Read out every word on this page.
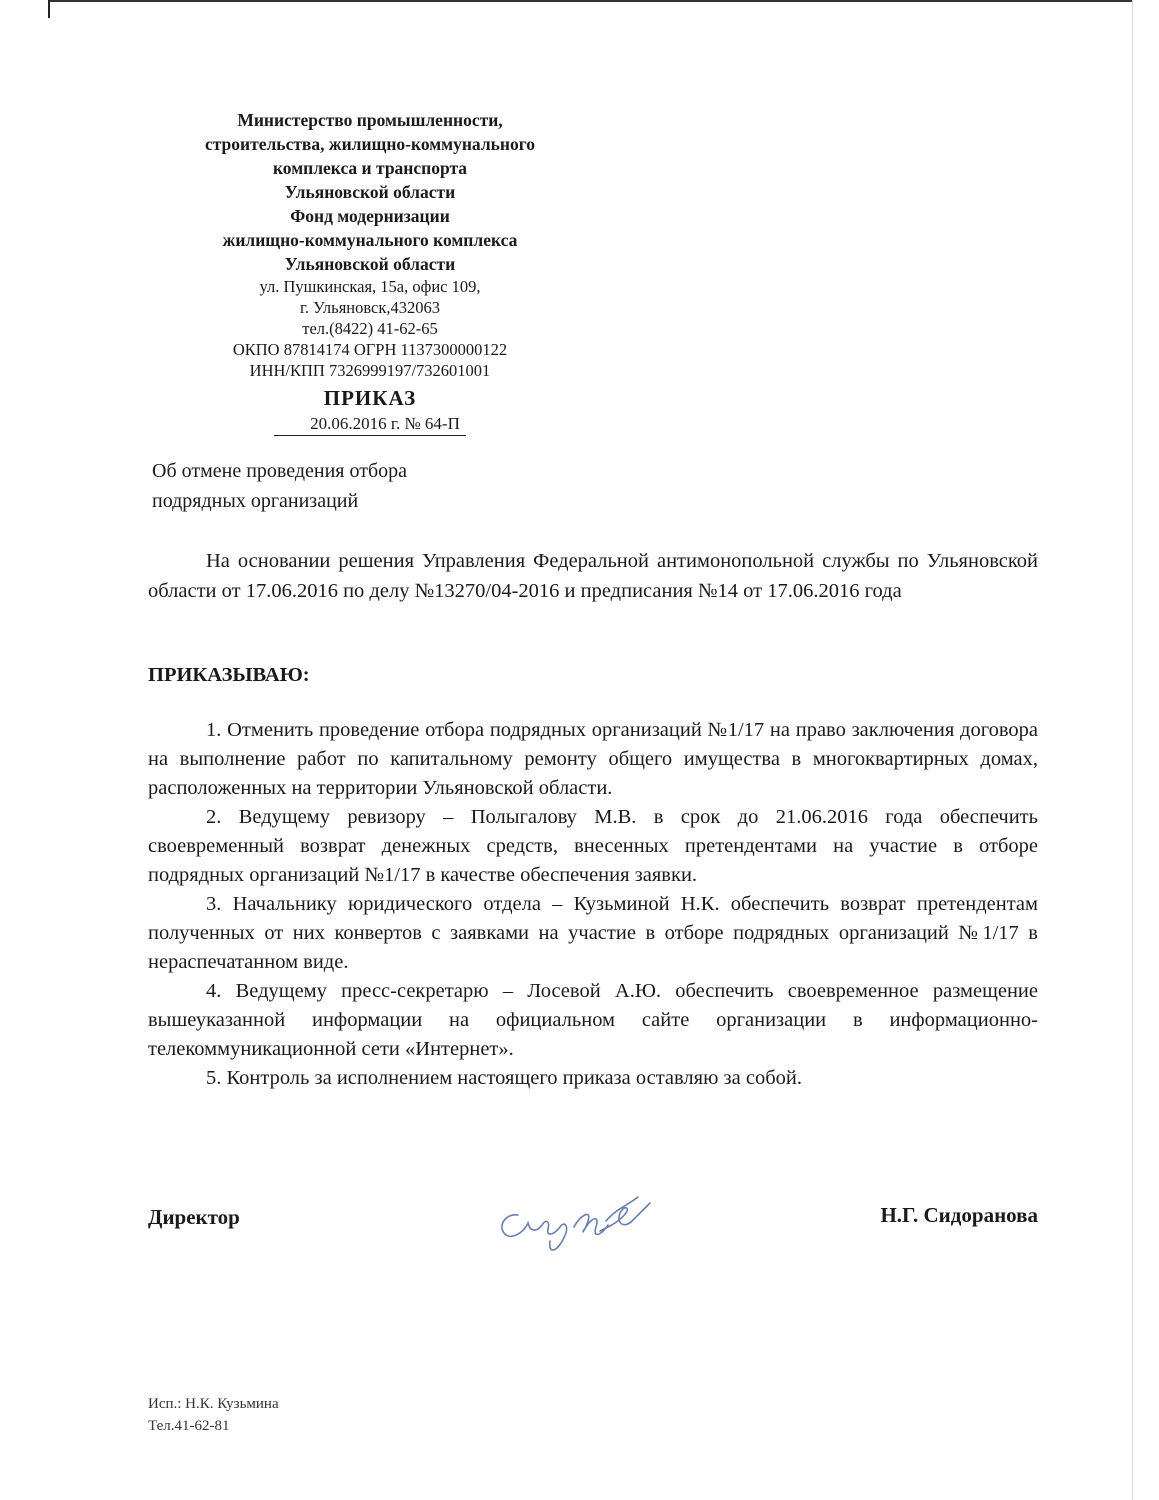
Министерство промышленности,

строительства, жилищно-коммунального

комплекса и транспорта

Ульяновской области

Фонд модернизации

жилищно-коммунального комплекса

Ульяновской области

ул. Пушкинская, 15а, офис 109,

г. Ульяновск,432063

тел.(8422) 41-62-65

ОКПО 87814174 ОГРН 1137300000122

ИНН/КПП 7326999197/732601001

ПРИКАЗ
20.06.2016 г. № 64-П
Об отмене проведения отбора
подрядных организаций

На основании решения Управления Федеральной антимонопольной службы по Ульяновской области от 17.06.2016 по делу №13270/04-2016 и предписания №14 от 17.06.2016 года

ПРИКАЗЫВАЮ:

1. Отменить проведение отбора подрядных организаций №1/17 на право заключения договора на выполнение работ по капитальному ремонту общего имущества в многоквартирных домах, расположенных на территории Ульяновской области.

2. Ведущему ревизору – Полыгалову М.В. в срок до 21.06.2016 года обеспечить своевременный возврат денежных средств, внесенных претендентами на участие в отборе подрядных организаций №1/17 в качестве обеспечения заявки.

3. Начальнику юридического отдела – Кузьминой Н.К. обеспечить возврат претендентам полученных от них конвертов с заявками на участие в отборе подрядных организаций №1/17 в нераспечатанном виде.

4. Ведущему пресс-секретарю – Лосевой А.Ю. обеспечить своевременное размещение вышеуказанной информации на официальном сайте организации в информационно-телекоммуникационной сети «Интернет».

5. Контроль за исполнением настоящего приказа оставляю за собой.

Директор	Н.Г. Сидоранова
Исп.: Н.К. Кузьмина
Тел.41-62-81
